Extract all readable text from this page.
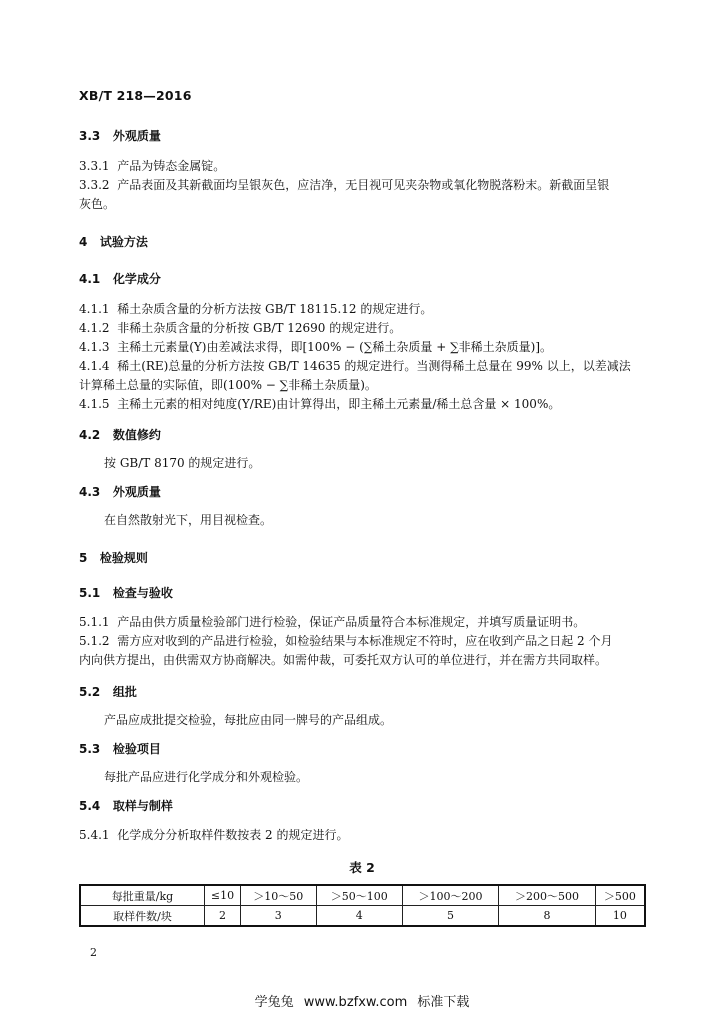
XB/T 218—2016
3.3 外观质量
3.3.1 产品为铸态金属锭。
3.3.2 产品表面及其新截面均呈银灰色，应洁净，无目视可见夹杂物或氧化物脱落粉末。新截面呈银
灰色。
4 试验方法
4.1 化学成分
4.1.1 稀土杂质含量的分析方法按 GB/T 18115.12 的规定进行。
4.1.2 非稀土杂质含量的分析按 GB/T 12690 的规定进行。
4.1.3 主稀土元素量(Y)由差减法求得，即[100% − (∑稀土杂质量 + ∑非稀土杂质量)]。
4.1.4 稀土(RE)总量的分析方法按 GB/T 14635 的规定进行。当测得稀土总量在 99% 以上，以差减法
计算稀土总量的实际值，即(100% − ∑非稀土杂质量)。
4.1.5 主稀土元素的相对纯度(Y/RE)由计算得出，即主稀土元素量/稀土总含量 × 100%。
4.2 数值修约
按 GB/T 8170 的规定进行。
4.3 外观质量
在自然散射光下，用目视检查。
5 检验规则
5.1 检查与验收
5.1.1 产品由供方质量检验部门进行检验，保证产品质量符合本标准规定，并填写质量证明书。
5.1.2 需方应对收到的产品进行检验，如检验结果与本标准规定不符时，应在收到产品之日起 2 个月
内向供方提出，由供需双方协商解决。如需仲裁，可委托双方认可的单位进行，并在需方共同取样。
5.2 组批
产品应成批提交检验，每批应由同一牌号的产品组成。
5.3 检验项目
每批产品应进行化学成分和外观检验。
5.4 取样与制样
5.4.1 化学成分分析取样件数按表 2 的规定进行。
表 2
每批重量/kg	≤10	＞10～50	＞50～100	＞100～200	＞200～500	＞500
取样件数/块	2	3	4	5	8	10
2
学兔兔 www.bzfxw.com 标准下载
